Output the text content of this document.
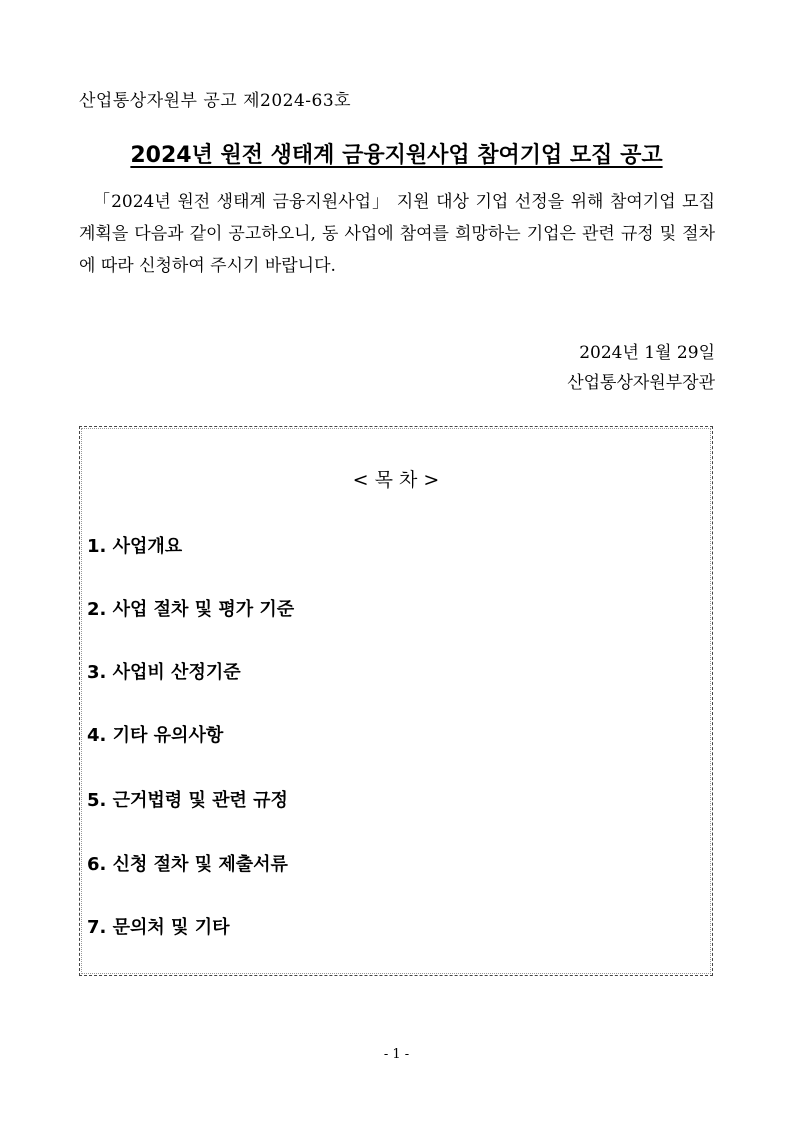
산업통상자원부 공고 제2024-63호
2024년 원전 생태계 금융지원사업 참여기업 모집 공고

「2024년 원전 생태계 금융지원사업」 지원 대상 기업 선정을 위해 참여기업 모집 계획을 다음과 같이 공고하오니, 동 사업에 참여를 희망하는 기업은 관련 규정 및 절차에 따라 신청하여 주시기 바랍니다.

2024년 1월 29일
산업통상자원부장관
< 목 차 >
1. 사업개요
2. 사업 절차 및 평가 기준
3. 사업비 산정기준
4. 기타 유의사항
5. 근거법령 및 관련 규정
6. 신청 절차 및 제출서류
7. 문의처 및 기타
- 1 -
